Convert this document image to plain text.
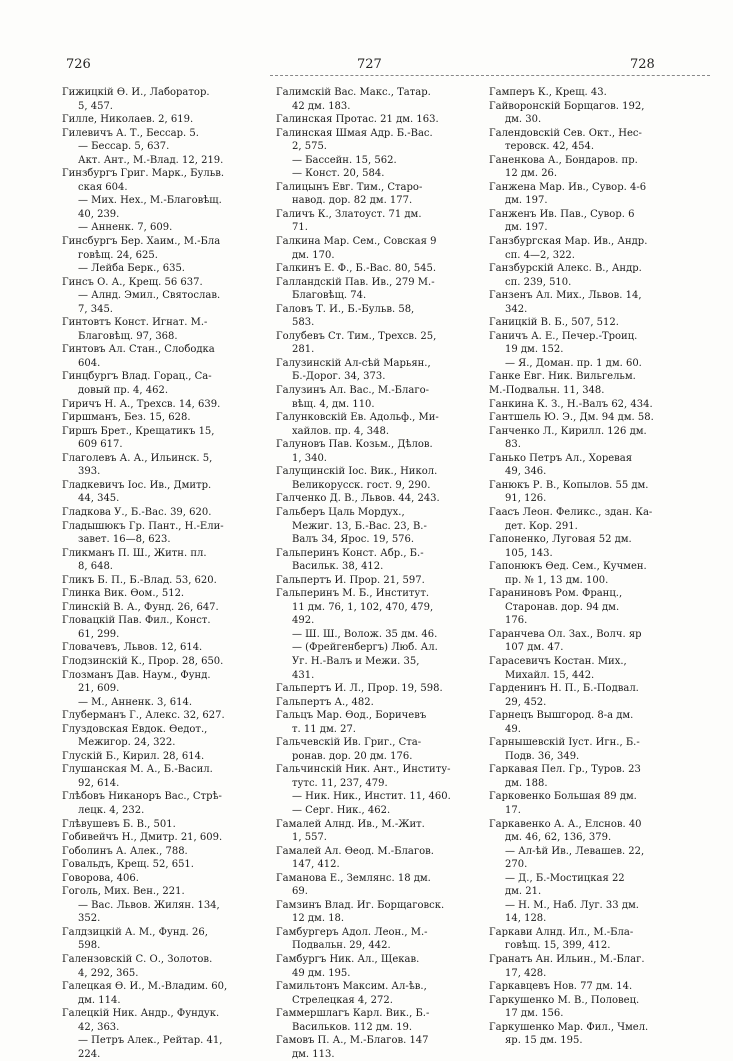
726	727	728
Гижицкій Ѳ. И., Лаборатор.
5, 457.
Гилле, Николаев. 2, 619.
Гилевичъ А. Т., Бессар. 5.
— Бессар. 5, 637.
Акт. Ант., М.-Влад. 12, 219.
Гинзбургъ Григ. Марк., Бульв.
ская 604.
— Мих. Нех., М.-Благовѣщ.
40, 239.
— Анненк. 7, 609.
Гинсбургъ Бер. Хаим., М.-Бла
говѣщ. 24, 625.
— Лейба Берк., 635.
Гинсъ О. А., Крещ. 56 637.
— Алнд. Эмил., Святослав.
7, 345.
Гинтовтъ Конст. Игнат. М.-
Благовѣщ. 97, 368.
Гинтовъ Ал. Стан., Слободка
604.
Гинцбургъ Влад. Горац., Са-
довый пр. 4, 462.
Гиричъ Н. А., Трехсв. 14, 639.
Гиршманъ, Без. 15, 628.
Гиршъ Брет., Крещатикъ 15,
609 617.
Глаголевъ А. А., Ильинск. 5,
393.
Гладкевичъ Іос. Ив., Дмитр.
44, 345.
Гладкова У., Б.-Вас. 39, 620.
Гладышюкъ Гр. Пант., Н.-Ели-
завет. 16—8, 623.
Гликманъ П. Ш., Житн. пл.
8, 648.
Гликъ Б. П., Б.-Влад. 53, 620.
Глинка Вик. Ѳом., 512.
Глинскій В. А., Фунд. 26, 647.
Гловацкій Пав. Фил., Конст.
61, 299.
Гловачевъ, Львов. 12, 614.
Глодзинскій К., Прор. 28, 650.
Глозманъ Дав. Наум., Фунд.
21, 609.
— М., Анненк. 3, 614.
Глуберманъ Г., Алекс. 32, 627.
Глуздовская Евдок. Ѳедот.,
Межигор. 24, 322.
Глускій Б., Кирил. 28, 614.
Глушанская М. А., Б.-Васил.
92, 614.
Глѣбовъ Никаноръ Вас., Стрѣ-
лецк. 4, 232.
Глѣвушевъ Б. В., 501.
Гобивейчъ Н., Дмитр. 21, 609.
Гоболинъ А. Алек., 788.
Говальдъ, Крещ. 52, 651.
Говорова, 406.
Гоголь, Мих. Вен., 221.
— Вас. Львов. Жилян. 134,
352.
Галдзицкій А. М., Фунд. 26,
598.
Галензовскій С. О., Золотов.
4, 292, 365.
Галецкая Ѳ. И., М.-Владим. 60,
дм. 114.
Галецкій Ник. Андр., Фундук.
42, 363.
— Петръ Алек., Рейтар. 41,
224.
Галимскій Вас. Макс., Татар.
42 дм. 183.
Галинская Протас. 21 дм. 163.
Галинская Шмая Адр. Б.-Вас.
2, 575.
— Бассейн. 15, 562.
— Конст. 20, 584.
Галицынъ Евг. Тим., Старо-
навод. дор. 82 дм. 177.
Галичъ К., Златоуст. 71 дм.
71.
Галкина Мар. Сем., Совская 9
дм. 170.
Галкинъ Е. Ф., Б.-Вас. 80, 545.
Галландскій Пав. Ив., 279 М.-
Благовѣщ. 74.
Галовъ Т. И., Б.-Бульв. 58,
583.
Голубевъ Ст. Тим., Трехсв. 25,
281.
Галузинскій Ал-сѣй Марьян.,
Б.-Дорог. 34, 373.
Галузинъ Ал. Вас., М.-Благо-
вѣщ. 4, дм. 110.
Галунковскій Ев. Адольф., Ми-
хайлов. пр. 4, 348.
Галуновъ Пав. Козьм., Дѣлов.
1, 340.
Галущинскій Іос. Вик., Никол.
Великорусск. гост. 9, 290.
Галченко Д. В., Львов. 44, 243.
Гальберъ Цаль Мордух.,
Межиг. 13, Б.-Вас. 23, В.-
Валъ 34, Ярос. 19, 576.
Гальперинъ Конст. Абр., Б.-
Васильк. 38, 412.
Гальпертъ И. Прор. 21, 597.
Гальперинъ М. Б., Институт.
11 дм. 76, 1, 102, 470, 479,
492.
— Ш. Ш., Волож. 35 дм. 46.
— (Фрейгенбергъ) Люб. Ал.
Уг. Н.-Валъ и Межи. 35,
431.
Гальпертъ И. Л., Прор. 19, 598.
Гальпертъ А., 482.
Гальцъ Мар. Ѳод., Боричевъ
т. 11 дм. 27.
Гальчевскій Ив. Григ., Ста-
ронав. дор. 20 дм. 176.
Гальчинскій Ник. Ант., Институ-
тутс. 11, 237, 479.
— Ник. Ник., Инстит. 11, 460.
— Серг. Ник., 462.
Гамалей Алнд. Ив., М.-Жит.
1, 557.
Гамалей Ал. Ѳеод. М.-Благов.
147, 412.
Гаманова Е., Землянс. 18 дм.
69.
Гамзинъ Влад. Иг. Борщаговск.
12 дм. 18.
Гамбургеръ Адол. Леон., М.-
Подвальн. 29, 442.
Гамбургъ Ник. Ал., Щекав.
49 дм. 195.
Гамильтонъ Максим. Ал-ѣв.,
Стрелецкая 4, 272.
Гаммершлагъ Карл. Вик., Б.-
Васильков. 112 дм. 19.
Гамовъ П. А., М.-Благов. 147
дм. 113.
Гамперъ К., Крещ. 43.
Гайворонскій Борщагов. 192,
дм. 30.
Галендовскій Сев. Окт., Нес-
теровск. 42, 454.
Ганенкова А., Бондаров. пр.
12 дм. 26.
Ганжена Мар. Ив., Сувор. 4-6
дм. 197.
Ганженъ Ив. Пав., Сувор. 6
дм. 197.
Ганзбургская Мар. Ив., Андр.
сп. 4—2, 322.
Ганзбурскій Алекс. В., Андр.
сп. 239, 510.
Ганзенъ Ал. Мих., Львов. 14,
342.
Ганицкій В. Б., 507, 512.
Ганичъ А. Е., Печер.-Троиц.
19 дм. 152.
— Я., Доман. пр. 1 дм. 60.
Ганке Евг. Ник. Вильгельм.
М.-Подвальн. 11, 348.
Ганкина К. З., Н.-Валъ 62, 434.
Гантшель Ю. Э., Дм. 94 дм. 58.
Ганченко Л., Кирилл. 126 дм.
83.
Ганько Петръ Ал., Хоревая
49, 346.
Ганюкъ Р. В., Копылов. 55 дм.
91, 126.
Гаасъ Леон. Феликс., здан. Ка-
дет. Кор. 291.
Гапоненко, Луговая 52 дм.
105, 143.
Гапонюкъ Ѳед. Сем., Кучмен.
пр. № 1, 13 дм. 100.
Гараниновъ Ром. Франц.,
Старонав. дор. 94 дм.
176.
Гаранчева Ол. Зах., Волч. яр
107 дм. 47.
Гарасевичъ Костан. Мих.,
Михайл. 15, 442.
Гарденинъ Н. П., Б.-Подвал.
29, 452.
Гарнецъ Вышгород. 8-а дм.
49.
Гарнышевскій Іуст. Игн., Б.-
Подв. 36, 349.
Гаркавая Пел. Гр., Туров. 23
дм. 188.
Гарковенко Большая 89 дм.
17.
Гаркавенко А. А., Елснов. 40
дм. 46, 62, 136, 379.
— Ал-ѣй Ив., Левашев. 22,
270.
— Д., Б.-Мостицкая 22
дм. 21.
— Н. М., Наб. Луг. 33 дм.
14, 128.
Гаркави Алнд. Ил., М.-Бла-
говѣщ. 15, 399, 412.
Гранатъ Ан. Ильин., М.-Благ.
17, 428.
Гаркавцевъ Нов. 77 дм. 14.
Гаркушенко М. В., Половец.
17 дм. 156.
Гаркушенко Мар. Фил., Чмел.
яр. 15 дм. 195.
